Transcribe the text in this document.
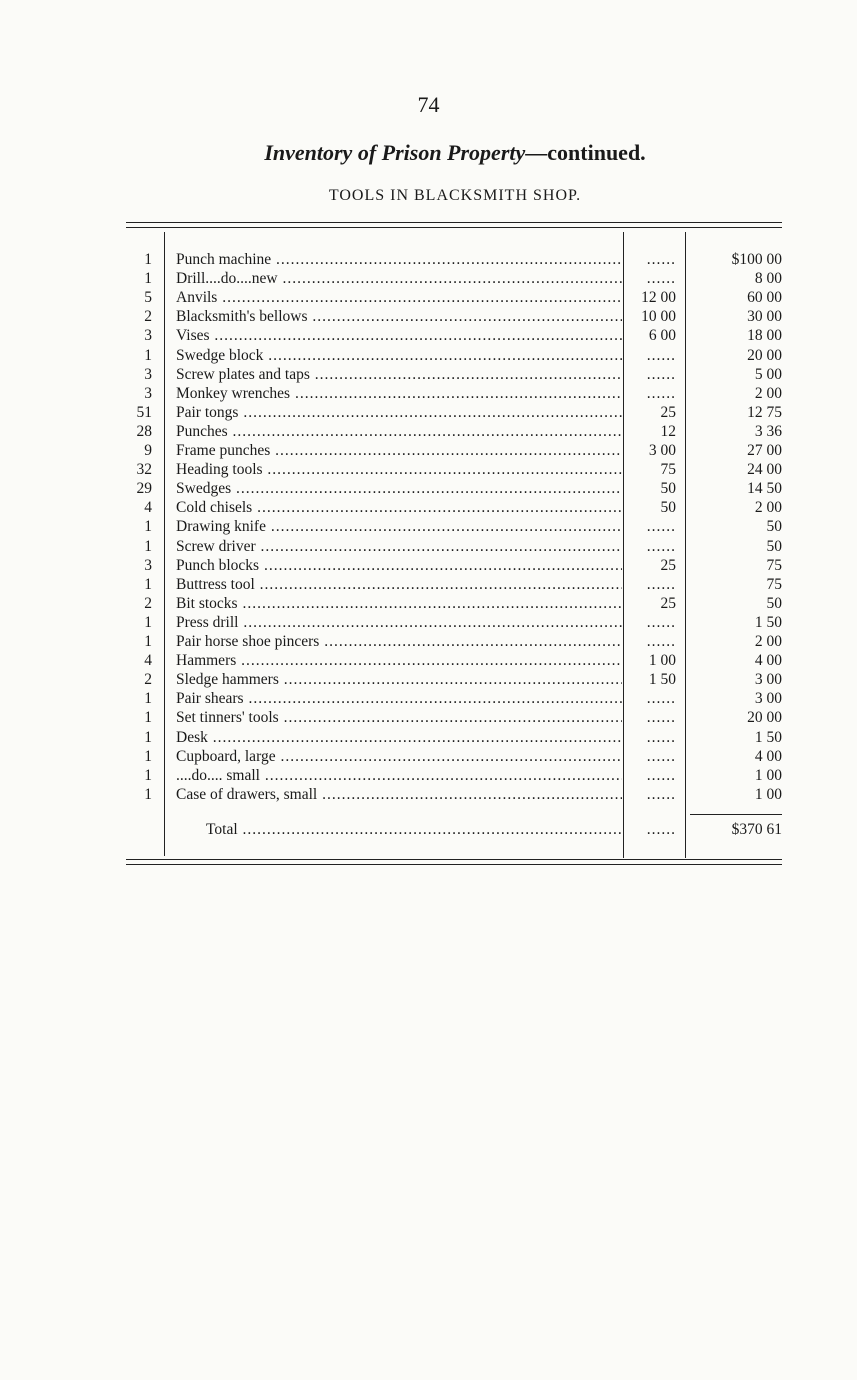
74
Inventory of Prison Property—continued.
TOOLS IN BLACKSMITH SHOP.
1 Punch machine ..... ......	$100 00
1 Drill....do....new ..... ......	8 00
5 Anvils .....	12 00	60 00
2 Blacksmith's bellows .....	10 00	30 00
3 Vises .....	6 00	18 00
1 Swedge block ..... ......	20 00
3 Screw plates and taps ..... ......	5 00
3 Monkey wrenches ..... ......	2 00
51 Pair tongs .....	25	12 75
28 Punches .....	12	3 36
9 Frame punches .....	3 00	27 00
32 Heading tools .....	75	24 00
29 Swedges .....	50	14 50
4 Cold chisels .....	50	2 00
1 Drawing knife ..... ......	50
1 Screw driver ..... ......	50
3 Punch blocks .....	25	75
1 Buttress tool ..... ......	75
2 Bit stocks .....	25	50
1 Press drill ..... ......	1 50
1 Pair horse shoe pincers ..... ......	2 00
4 Hammers .....	1 00	4 00
2 Sledge hammers .....	1 50	3 00
1 Pair shears ..... ......	3 00
1 Set tinners' tools ..... ......	20 00
1 Desk ..... ......	1 50
1 Cupboard, large ..... ......	4 00
1 ....do.... small ..... ......	1 00
1 Case of drawers, small ..... ......	1 00
Total ..... ......	$370 61
